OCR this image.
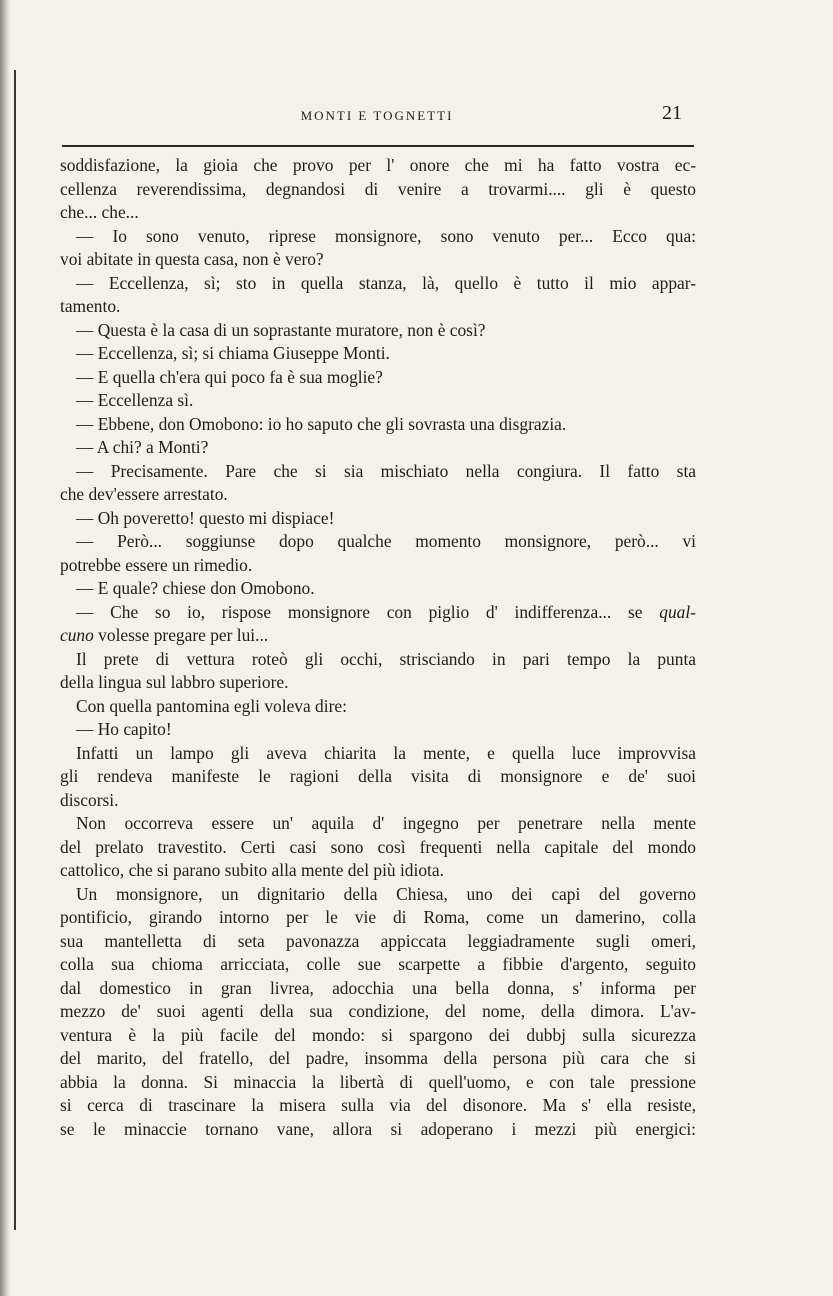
MONTI E TOGNETTI	21
soddisfazione, la gioia che provo per l' onore che mi ha fatto vostra ec-
cellenza reverendissima, degnandosi di venire a trovarmi.... gli è questo
che... che...
— Io sono venuto, riprese monsignore, sono venuto per... Ecco qua:
voi abitate in questa casa, non è vero?
— Eccellenza, sì; sto in quella stanza, là, quello è tutto il mio appar-
tamento.
— Questa è la casa di un soprastante muratore, non è così?
— Eccellenza, sì; si chiama Giuseppe Monti.
— E quella ch'era qui poco fa è sua moglie?
— Eccellenza sì.
— Ebbene, don Omobono: io ho saputo che gli sovrasta una disgrazia.
— A chi? a Monti?
— Precisamente. Pare che si sia mischiato nella congiura. Il fatto sta
che dev'essere arrestato.
— Oh poveretto! questo mi dispiace!
— Però... soggiunse dopo qualche momento monsignore, però... vi
potrebbe essere un rimedio.
— E quale? chiese don Omobono.
— Che so io, rispose monsignore con piglio d' indifferenza... se qual-
cuno volesse pregare per lui...
Il prete di vettura roteò gli occhi, strisciando in pari tempo la punta
della lingua sul labbro superiore.
Con quella pantomina egli voleva dire:
— Ho capito!
Infatti un lampo gli aveva chiarita la mente, e quella luce improvvisa
gli rendeva manifeste le ragioni della visita di monsignore e de' suoi
discorsi.
Non occorreva essere un' aquila d' ingegno per penetrare nella mente
del prelato travestito. Certi casi sono così frequenti nella capitale del mondo
cattolico, che si parano subito alla mente del più idiota.
Un monsignore, un dignitario della Chiesa, uno dei capi del governo
pontificio, girando intorno per le vie di Roma, come un damerino, colla
sua mantelletta di seta pavonazza appiccata leggiadramente sugli omeri,
colla sua chioma arricciata, colle sue scarpette a fibbie d'argento, seguito
dal domestico in gran livrea, adocchia una bella donna, s' informa per
mezzo de' suoi agenti della sua condizione, del nome, della dimora. L'av-
ventura è la più facile del mondo: si spargono dei dubbj sulla sicurezza
del marito, del fratello, del padre, insomma della persona più cara che si
abbia la donna. Si minaccia la libertà di quell'uomo, e con tale pressione
si cerca di trascinare la misera sulla via del disonore. Ma s' ella resiste,
se le minaccie tornano vane, allora si adoperano i mezzi più energici:
